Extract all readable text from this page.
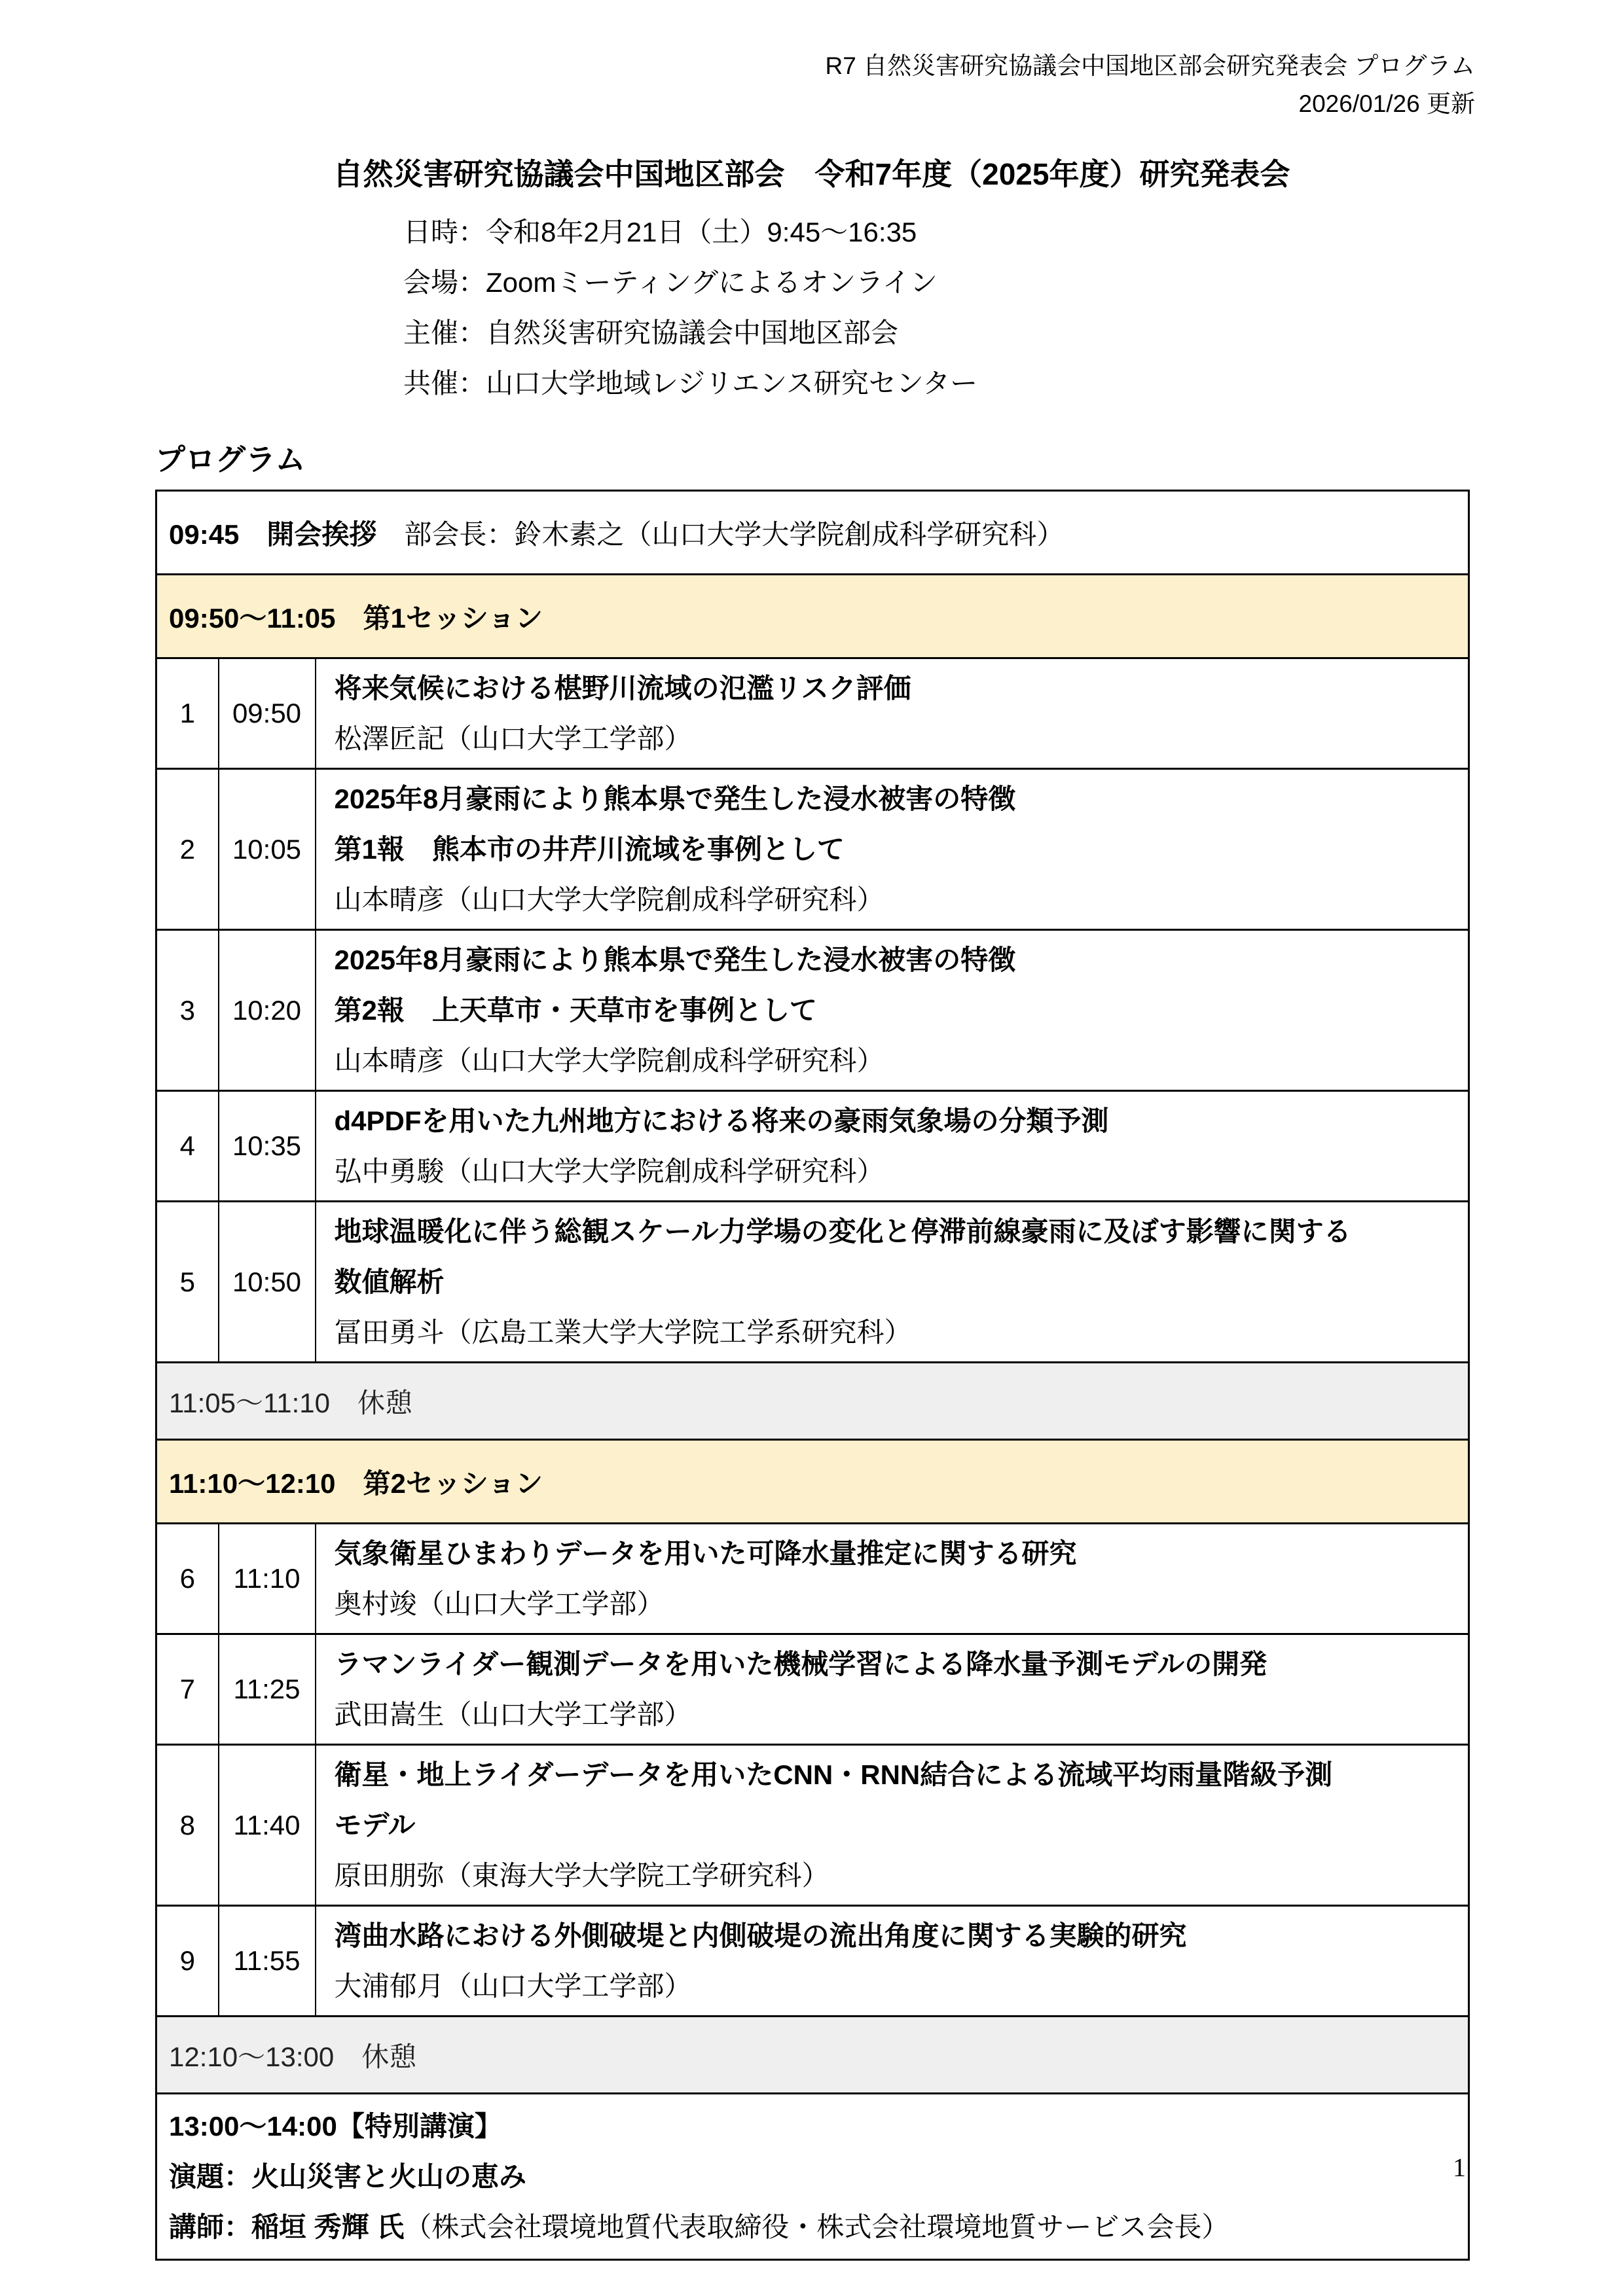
R7 自然災害研究協議会中国地区部会研究発表会 プログラム
2026/01/26 更新
自然災害研究協議会中国地区部会　令和7年度（2025年度）研究発表会
日時：令和8年2月21日（土）9:45～16:35
会場：Zoomミーティングによるオンライン
主催：自然災害研究協議会中国地区部会
共催：山口大学地域レジリエンス研究センター
プログラム
09:45　開会挨拶　部会長：鈴木素之（山口大学大学院創成科学研究科）		
09:50～11:05　第1セッション		
1	09:50	将来気候における椹野川流域の氾濫リスク評価
松澤匠記（山口大学工学部）

2	10:05	2025年8月豪雨により熊本県で発生した浸水被害の特徴
第1報　熊本市の井芹川流域を事例として
山本晴彦（山口大学大学院創成科学研究科）

3	10:20	2025年8月豪雨により熊本県で発生した浸水被害の特徴
第2報　上天草市・天草市を事例として
山本晴彦（山口大学大学院創成科学研究科）

4	10:35	d4PDFを用いた九州地方における将来の豪雨気象場の分類予測
弘中勇駿（山口大学大学院創成科学研究科）

5	10:50	地球温暖化に伴う総観スケール力学場の変化と停滞前線豪雨に及ぼす影響に関する
数値解析
冨田勇斗（広島工業大学大学院工学系研究科）

11:05～11:10　休憩		
11:10～12:10　第2セッション		
6	11:10	気象衛星ひまわりデータを用いた可降水量推定に関する研究
奥村竣（山口大学工学部）

7	11:25	ラマンライダー観測データを用いた機械学習による降水量予測モデルの開発
武田嵩生（山口大学工学部）

8	11:40	衛星・地上ライダーデータを用いたCNN・RNN結合による流域平均雨量階級予測
モデル
原田朋弥（東海大学大学院工学研究科）

9	11:55	湾曲水路における外側破堤と内側破堤の流出角度に関する実験的研究
大浦郁月（山口大学工学部）

12:10～13:00　休憩		

13:00～14:00【特別講演】
演題：火山災害と火山の恵み
講師：稲垣 秀輝 氏（株式会社環境地質代表取締役・株式会社環境地質サービス会長）		
1
